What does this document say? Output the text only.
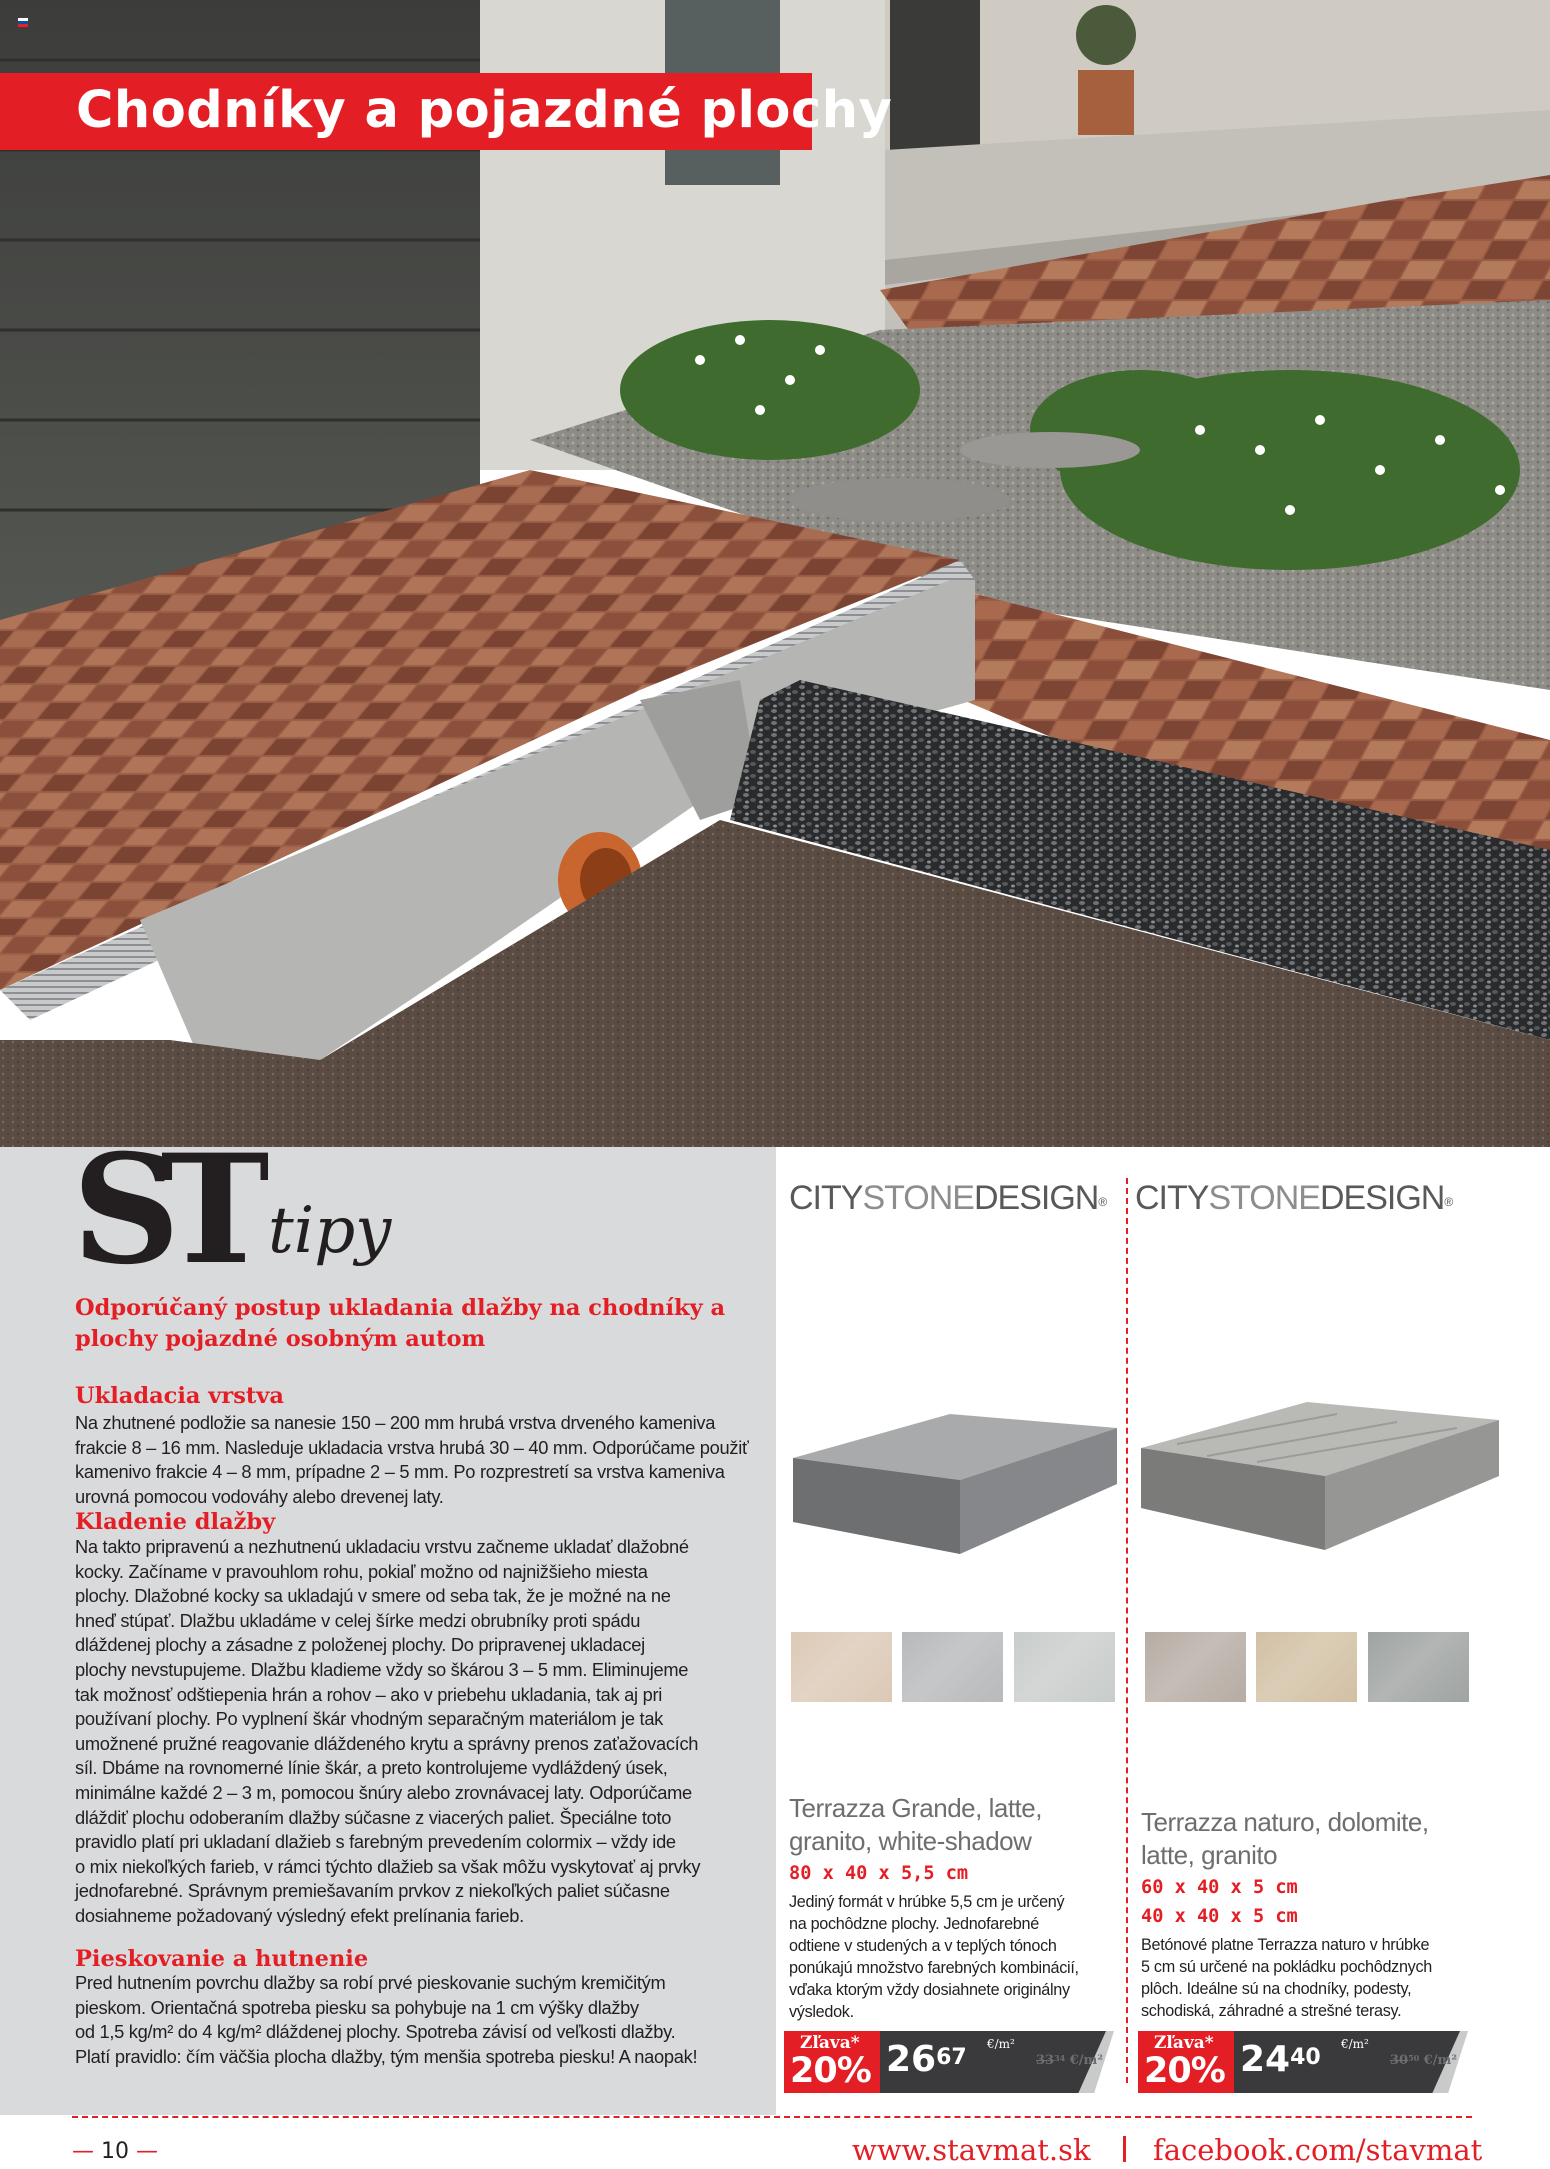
Chodníky a pojazdné plochy
ST tipy
Odporúčaný postup ukladania dlažby na chodníky a plochy pojazdné osobným autom
Ukladacia vrstva
Na zhutnené podložie sa nanesie 150 – 200 mm hrubá vrstva drveného kameniva
frakcie 8 – 16 mm. Nasleduje ukladacia vrstva hrubá 30 – 40 mm. Odporúčame použiť
kamenivo frakcie 4 – 8 mm, prípadne 2 – 5 mm. Po rozprestretí sa vrstva kameniva
urovná pomocou vodováhy alebo drevenej laty.
Kladenie dlažby
Na takto pripravenú a nezhutnenú ukladaciu vrstvu začneme ukladať dlažobné
kocky. Začíname v pravouhlom rohu, pokiaľ možno od najnižšieho miesta
plochy. Dlažobné kocky sa ukladajú v smere od seba tak, že je možné na ne
hneď stúpať. Dlažbu ukladáme v celej šírke medzi obrubníky proti spádu
dláždenej plochy a zásadne z položenej plochy. Do pripravenej ukladacej
plochy nevstupujeme. Dlažbu kladieme vždy so škárou 3 – 5 mm. Eliminujeme
tak možnosť odštiepenia hrán a rohov – ako v priebehu ukladania, tak aj pri
používaní plochy. Po vyplnení škár vhodným separačným materiálom je tak
umožnené pružné reagovanie dláždeného krytu a správny prenos zaťažovacích
síl. Dbáme na rovnomerné línie škár, a preto kontrolujeme vydláždený úsek,
minimálne každé 2 – 3 m, pomocou šnúry alebo zrovnávacej laty. Odporúčame
dláždiť plochu odoberaním dlažby súčasne z viacerých paliet. Špeciálne toto
pravidlo platí pri ukladaní dlažieb s farebným prevedením colormix – vždy ide
o mix niekoľkých farieb, v rámci týchto dlažieb sa však môžu vyskytovať aj prvky
jednofarebné. Správnym premiešavaním prvkov z niekoľkých paliet súčasne
dosiahneme požadovaný výsledný efekt prelínania farieb.
Pieskovanie a hutnenie
Pred hutnením povrchu dlažby sa robí prvé pieskovanie suchým kremičitým
pieskom. Orientačná spotreba piesku sa pohybuje na 1 cm výšky dlažby
od 1,5 kg/m² do 4 kg/m² dláždenej plochy. Spotreba závisí od veľkosti dlažby.
Platí pravidlo: čím väčšia plocha dlažby, tým menšia spotreba piesku! A naopak!
CITYSTONEDESIGN® CITYSTONEDESIGN®
Terrazza Grande, latte, granito, white-shadow
80 x 40 x 5,5 cm
Jediný formát v hrúbke 5,5 cm je určený
na pochôdzne plochy. Jednofarebné
odtiene v studených a v teplých tónoch
ponúkajú množstvo farebných kombinácií,
vďaka ktorým vždy dosiahnete originálny
výsledok.
Zľava*
20% $26^{67}$
€/m²
$33^{34}$ €/m²
Terrazza naturo, dolomite, latte, granito
60 x 40 x 5 cm
40 x 40 x 5 cm
Betónové platne Terrazza naturo v hrúbke
5 cm sú určené na pokládku pochôdznych
plôch. Ideálne sú na chodníky, podesty,
schodiská, záhradné a strešné terasy.
Zľava*
20% $24^{40}$
€/m²
$30^{50}$ €/m²
— 10 —	www.stavmat.sk facebook.com/stavmat
